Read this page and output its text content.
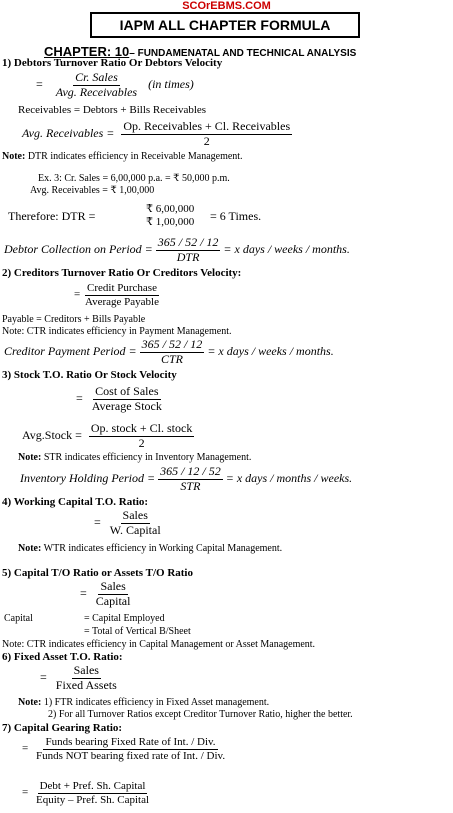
SCOrEBMS.COM
IAPM ALL CHAPTER FORMULA
CHAPTER: 10– FUNDAMENATAL AND TECHNICAL ANALYSIS
1) Debtors Turnover Ratio Or Debtors Velocity
= $\frac{\text{Cr. Sales}}{\text{Avg. Receivables}} (in$ times)
Receivables = Debtors + Bills Receivables
Avg. Receivables = $\frac{\text{Op. Receivables + Cl. Receivables}}{2}$
Note: DTR indicates efficiency in Receivable Management.
Ex. 3: Cr. Sales = 6,00,000 p.a. = ₹ 50,000 p.m.
Avg. Receivables = ₹ 1,00,000
Therefore: DTR =	₹ 6,00,000
₹ 1,00,000 = 6 Times.
Debtor Collection on Period = $\frac{365 / 52 / 12}{\text{DTR}} = x$ days / weeks / months.
2) Creditors Turnover Ratio Or Creditors Velocity:
= $\frac{\text{Credit Purchase}}{\text{Average Payable}}$
Payable = Creditors + Bills Payable
Note: CTR indicates efficiency in Payment Management.
Creditor Payment Period = $\frac{365 / 52 / 12}{\text{CTR}} = x$ days / weeks / months.
3) Stock T.O. Ratio Or Stock Velocity
= $\frac{\text{Cost of Sales}}{\text{Average Stock}}$
Avg.Stock = $\frac{\text{Op. stock + Cl. stock}}{2}$
Note: STR indicates efficiency in Inventory Management.
Inventory Holding Period = $\frac{365 / 12 / 52}{\text{STR}} = x$ days / months / weeks.
4) Working Capital T.O. Ratio:
= $\frac{\text{Sales}}{\text{W. Capital}}$
Note: WTR indicates efficiency in Working Capital Management.
5) Capital T/O Ratio or Assets T/O Ratio
= $\frac{\text{Sales}}{\text{Capital}}$
Capital	= Capital Employed
= Total of Vertical B/Sheet
Note: CTR indicates efficiency in Capital Management or Asset Management.
6) Fixed Asset T.O. Ratio:
= $\frac{\text{Sales}}{\text{Fixed Assets}}$
Note: 1) FTR indicates efficiency in Fixed Asset management.
2) For all Turnover Ratios except Creditor Turnover Ratio, higher the better.
7) Capital Gearing Ratio:
= $\frac{\text{Funds bearing Fixed Rate of Int. / Div.}}{\text{Funds NOT bearing fixed rate of Int. / Div.}}$
= $\frac{\text{Debt + Pref. Sh. Capital}}{\text{Equity – Pref. Sh. Capital}}$
